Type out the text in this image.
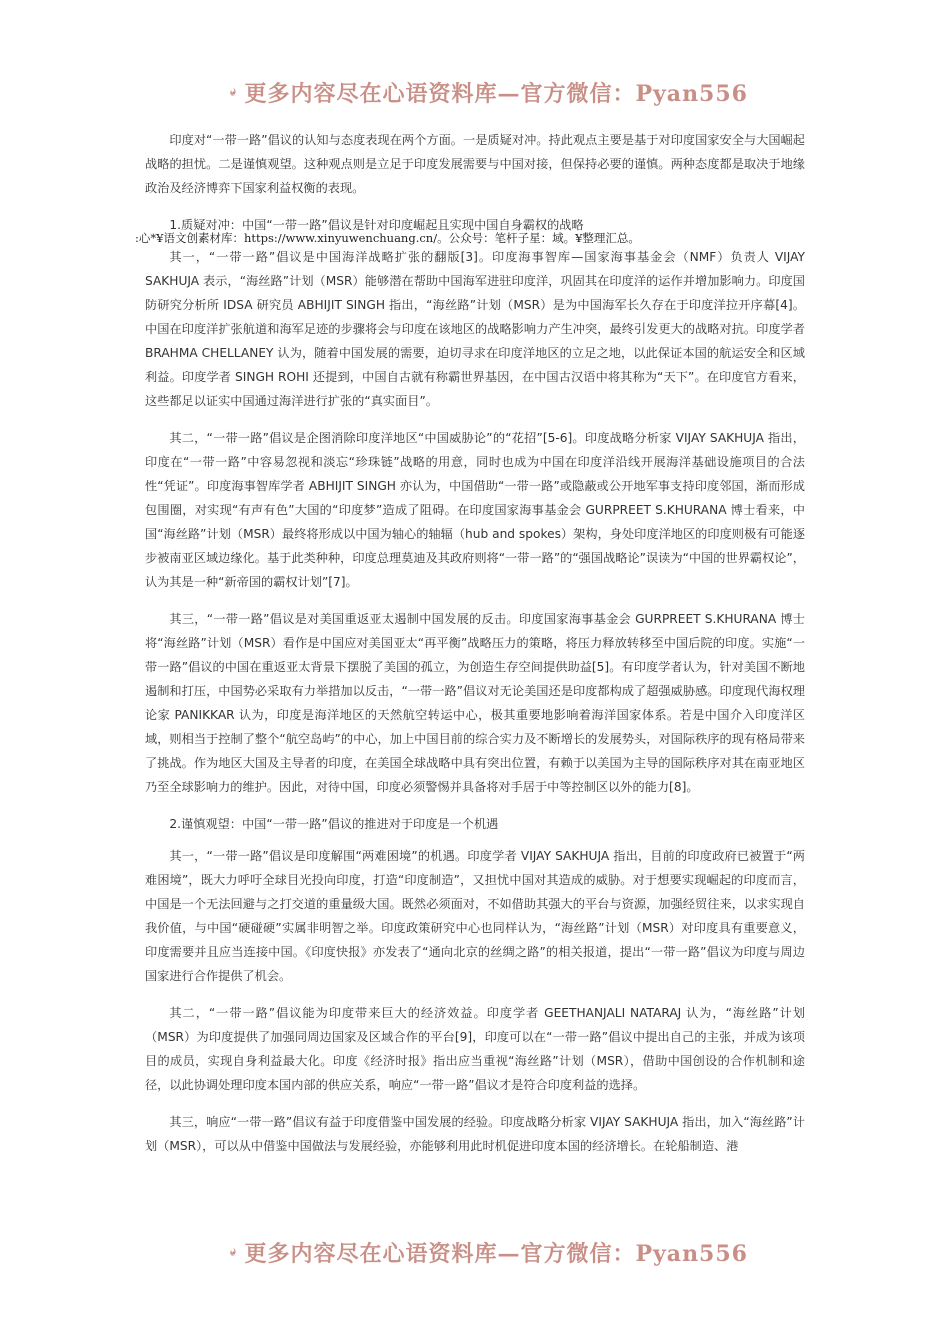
更多内容尽在心语资料库—官方微信：Pyan556

印度对“一带一路”倡议的认知与态度表现在两个方面。一是质疑对冲。持此观点主要是基于对印度国家安全与大国崛起战略的担忧。二是谨慎观望。这种观点则是立足于印度发展需要与中国对接，但保持必要的谨慎。两种态度都是取决于地缘政治及经济博弈下国家利益权衡的表现。

1.质疑对冲：中国“一带一路”倡议是针对印度崛起且实现中国自身霸权的战略

:心*¥语文创素材库：https://www.xinyuwenchuang.cn/。公众号：笔杆子星：域。¥整理汇总。

其一，“一带一路”倡议是中国海洋战略扩张的翻版[3]。印度海事智库—国家海事基金会（NMF）负责人 VIJAY SAKHUJA 表示，“海丝路”计划（MSR）能够潜在帮助中国海军进驻印度洋，巩固其在印度洋的运作并增加影响力。印度国防研究分析所 IDSA 研究员 ABHIJIT SINGH 指出，“海丝路”计划（MSR）是为中国海军长久存在于印度洋拉开序幕[4]。中国在印度洋扩张航道和海军足迹的步骤将会与印度在该地区的战略影响力产生冲突，最终引发更大的战略对抗。印度学者 BRAHMA CHELLANEY 认为，随着中国发展的需要，迫切寻求在印度洋地区的立足之地，以此保证本国的航运安全和区域利益。印度学者 SINGH ROHI 还提到，中国自古就有称霸世界基因，在中国古汉语中将其称为“天下”。在印度官方看来，这些都足以证实中国通过海洋进行扩张的“真实面目”。

其二，“一带一路”倡议是企图消除印度洋地区“中国威胁论”的“花招”[5-6]。印度战略分析家 VIJAY SAKHUJA 指出，印度在“一带一路”中容易忽视和淡忘“珍珠链”战略的用意，同时也成为中国在印度洋沿线开展海洋基础设施项目的合法性“凭证”。印度海事智库学者 ABHIJIT SINGH 亦认为，中国借助“一带一路”或隐蔽或公开地军事支持印度邻国，渐而形成包围圈，对实现“有声有色”大国的“印度梦”造成了阻碍。在印度国家海事基金会 GURPREET S.KHURANA 博士看来，中国“海丝路”计划（MSR）最终将形成以中国为轴心的轴辐（hub and spokes）架构，身处印度洋地区的印度则极有可能逐步被南亚区域边缘化。基于此类种种，印度总理莫迪及其政府则将“一带一路”的“强国战略论”误读为“中国的世界霸权论”，认为其是一种“新帝国的霸权计划”[7]。

其三，“一带一路”倡议是对美国重返亚太遏制中国发展的反击。印度国家海事基金会 GURPREET S.KHURANA 博士将“海丝路”计划（MSR）看作是中国应对美国亚太“再平衡”战略压力的策略，将压力释放转移至中国后院的印度。实施“一带一路”倡议的中国在重返亚太背景下摆脱了美国的孤立，为创造生存空间提供助益[5]。有印度学者认为，针对美国不断地遏制和打压，中国势必采取有力举措加以反击，“一带一路”倡议对无论美国还是印度都构成了超强威胁感。印度现代海权理论家 PANIKKAR 认为，印度是海洋地区的天然航空转运中心，极其重要地影响着海洋国家体系。若是中国介入印度洋区域，则相当于控制了整个“航空岛屿”的中心，加上中国目前的综合实力及不断增长的发展势头，对国际秩序的现有格局带来了挑战。作为地区大国及主导者的印度，在美国全球战略中具有突出位置，有赖于以美国为主导的国际秩序对其在南亚地区乃至全球影响力的维护。因此，对待中国，印度必须警惕并具备将对手居于中等控制区以外的能力[8]。

2.谨慎观望：中国“一带一路”倡议的推进对于印度是一个机遇

其一，“一带一路”倡议是印度解围“两难困境”的机遇。印度学者 VIJAY SAKHUJA 指出，目前的印度政府已被置于“两难困境”，既大力呼吁全球目光投向印度，打造“印度制造”，又担忧中国对其造成的威胁。对于想要实现崛起的印度而言，中国是一个无法回避与之打交道的重量级大国。既然必须面对，不如借助其强大的平台与资源，加强经贸往来，以求实现自我价值，与中国“硬碰硬”实属非明智之举。印度政策研究中心也同样认为，“海丝路”计划（MSR）对印度具有重要意义，印度需要并且应当连接中国。《印度快报》亦发表了“通向北京的丝绸之路”的相关报道，提出“一带一路”倡议为印度与周边国家进行合作提供了机会。

其二，“一带一路”倡议能为印度带来巨大的经济效益。印度学者 GEETHANJALI NATARAJ 认为，“海丝路”计划（MSR）为印度提供了加强同周边国家及区域合作的平台[9]，印度可以在“一带一路”倡议中提出自己的主张，并成为该项目的成员，实现自身利益最大化。印度《经济时报》指出应当重视“海丝路”计划（MSR），借助中国创设的合作机制和途径，以此协调处理印度本国内部的供应关系，响应“一带一路”倡议才是符合印度利益的选择。

其三，响应“一带一路”倡议有益于印度借鉴中国发展的经验。印度战略分析家 VIJAY SAKHUJA 指出，加入“海丝路”计划（MSR），可以从中借鉴中国做法与发展经验，亦能够利用此时机促进印度本国的经济增长。在轮船制造、港

更多内容尽在心语资料库—官方微信：Pyan556
